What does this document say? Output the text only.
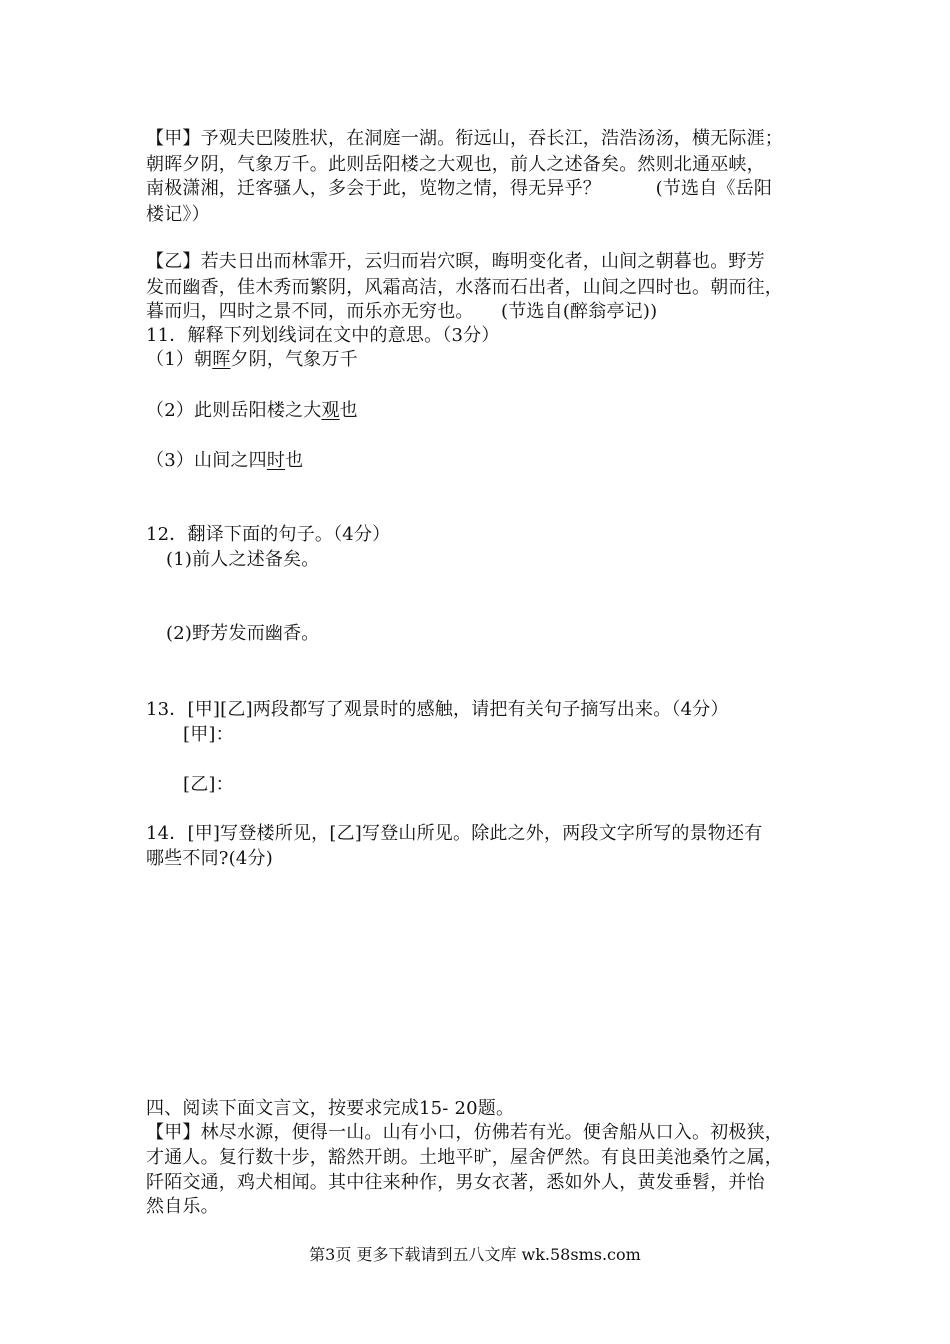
【甲】予观夫巴陵胜状，在洞庭一湖。衔远山，吞长江，浩浩汤汤，横无际涯；
朝晖夕阴，气象万千。此则岳阳楼之大观也，前人之述备矣。然则北通巫峡，
南极潇湘，迁客骚人，多会于此，览物之情，得无异乎？　　　(节选自《岳阳
楼记》）
【乙】若夫日出而林霏开，云归而岩穴暝，晦明变化者，山间之朝暮也。野芳
发而幽香，佳木秀而繁阴，风霜高洁，水落而石出者，山间之四时也。朝而往，
暮而归，四时之景不同，而乐亦无穷也。　　(节选自(醉翁亭记))
11．解释下列划线词在文中的意思。（3分）
（1）朝晖夕阴，气象万千
（2）此则岳阳楼之大观也
（3）山间之四时也
12．翻译下面的句子。（4分）
(1)前人之述备矣。
(2)野芳发而幽香。
13．[甲][乙]两段都写了观景时的感触，请把有关句子摘写出来。（4分）
[甲]：
[乙]：
14．[甲]写登楼所见，[乙]写登山所见。除此之外，两段文字所写的景物还有
哪些不同?(4分)
四、阅读下面文言文，按要求完成15- 20题。
【甲】林尽水源，便得一山。山有小口，仿佛若有光。便舍船从口入。初极狭，
才通人。复行数十步，豁然开朗。土地平旷，屋舍俨然。有良田美池桑竹之属，
阡陌交通，鸡犬相闻。其中往来种作，男女衣著，悉如外人，黄发垂髫，并怡
然自乐。
第3页 更多下载请到五八文库 wk.58sms.com
